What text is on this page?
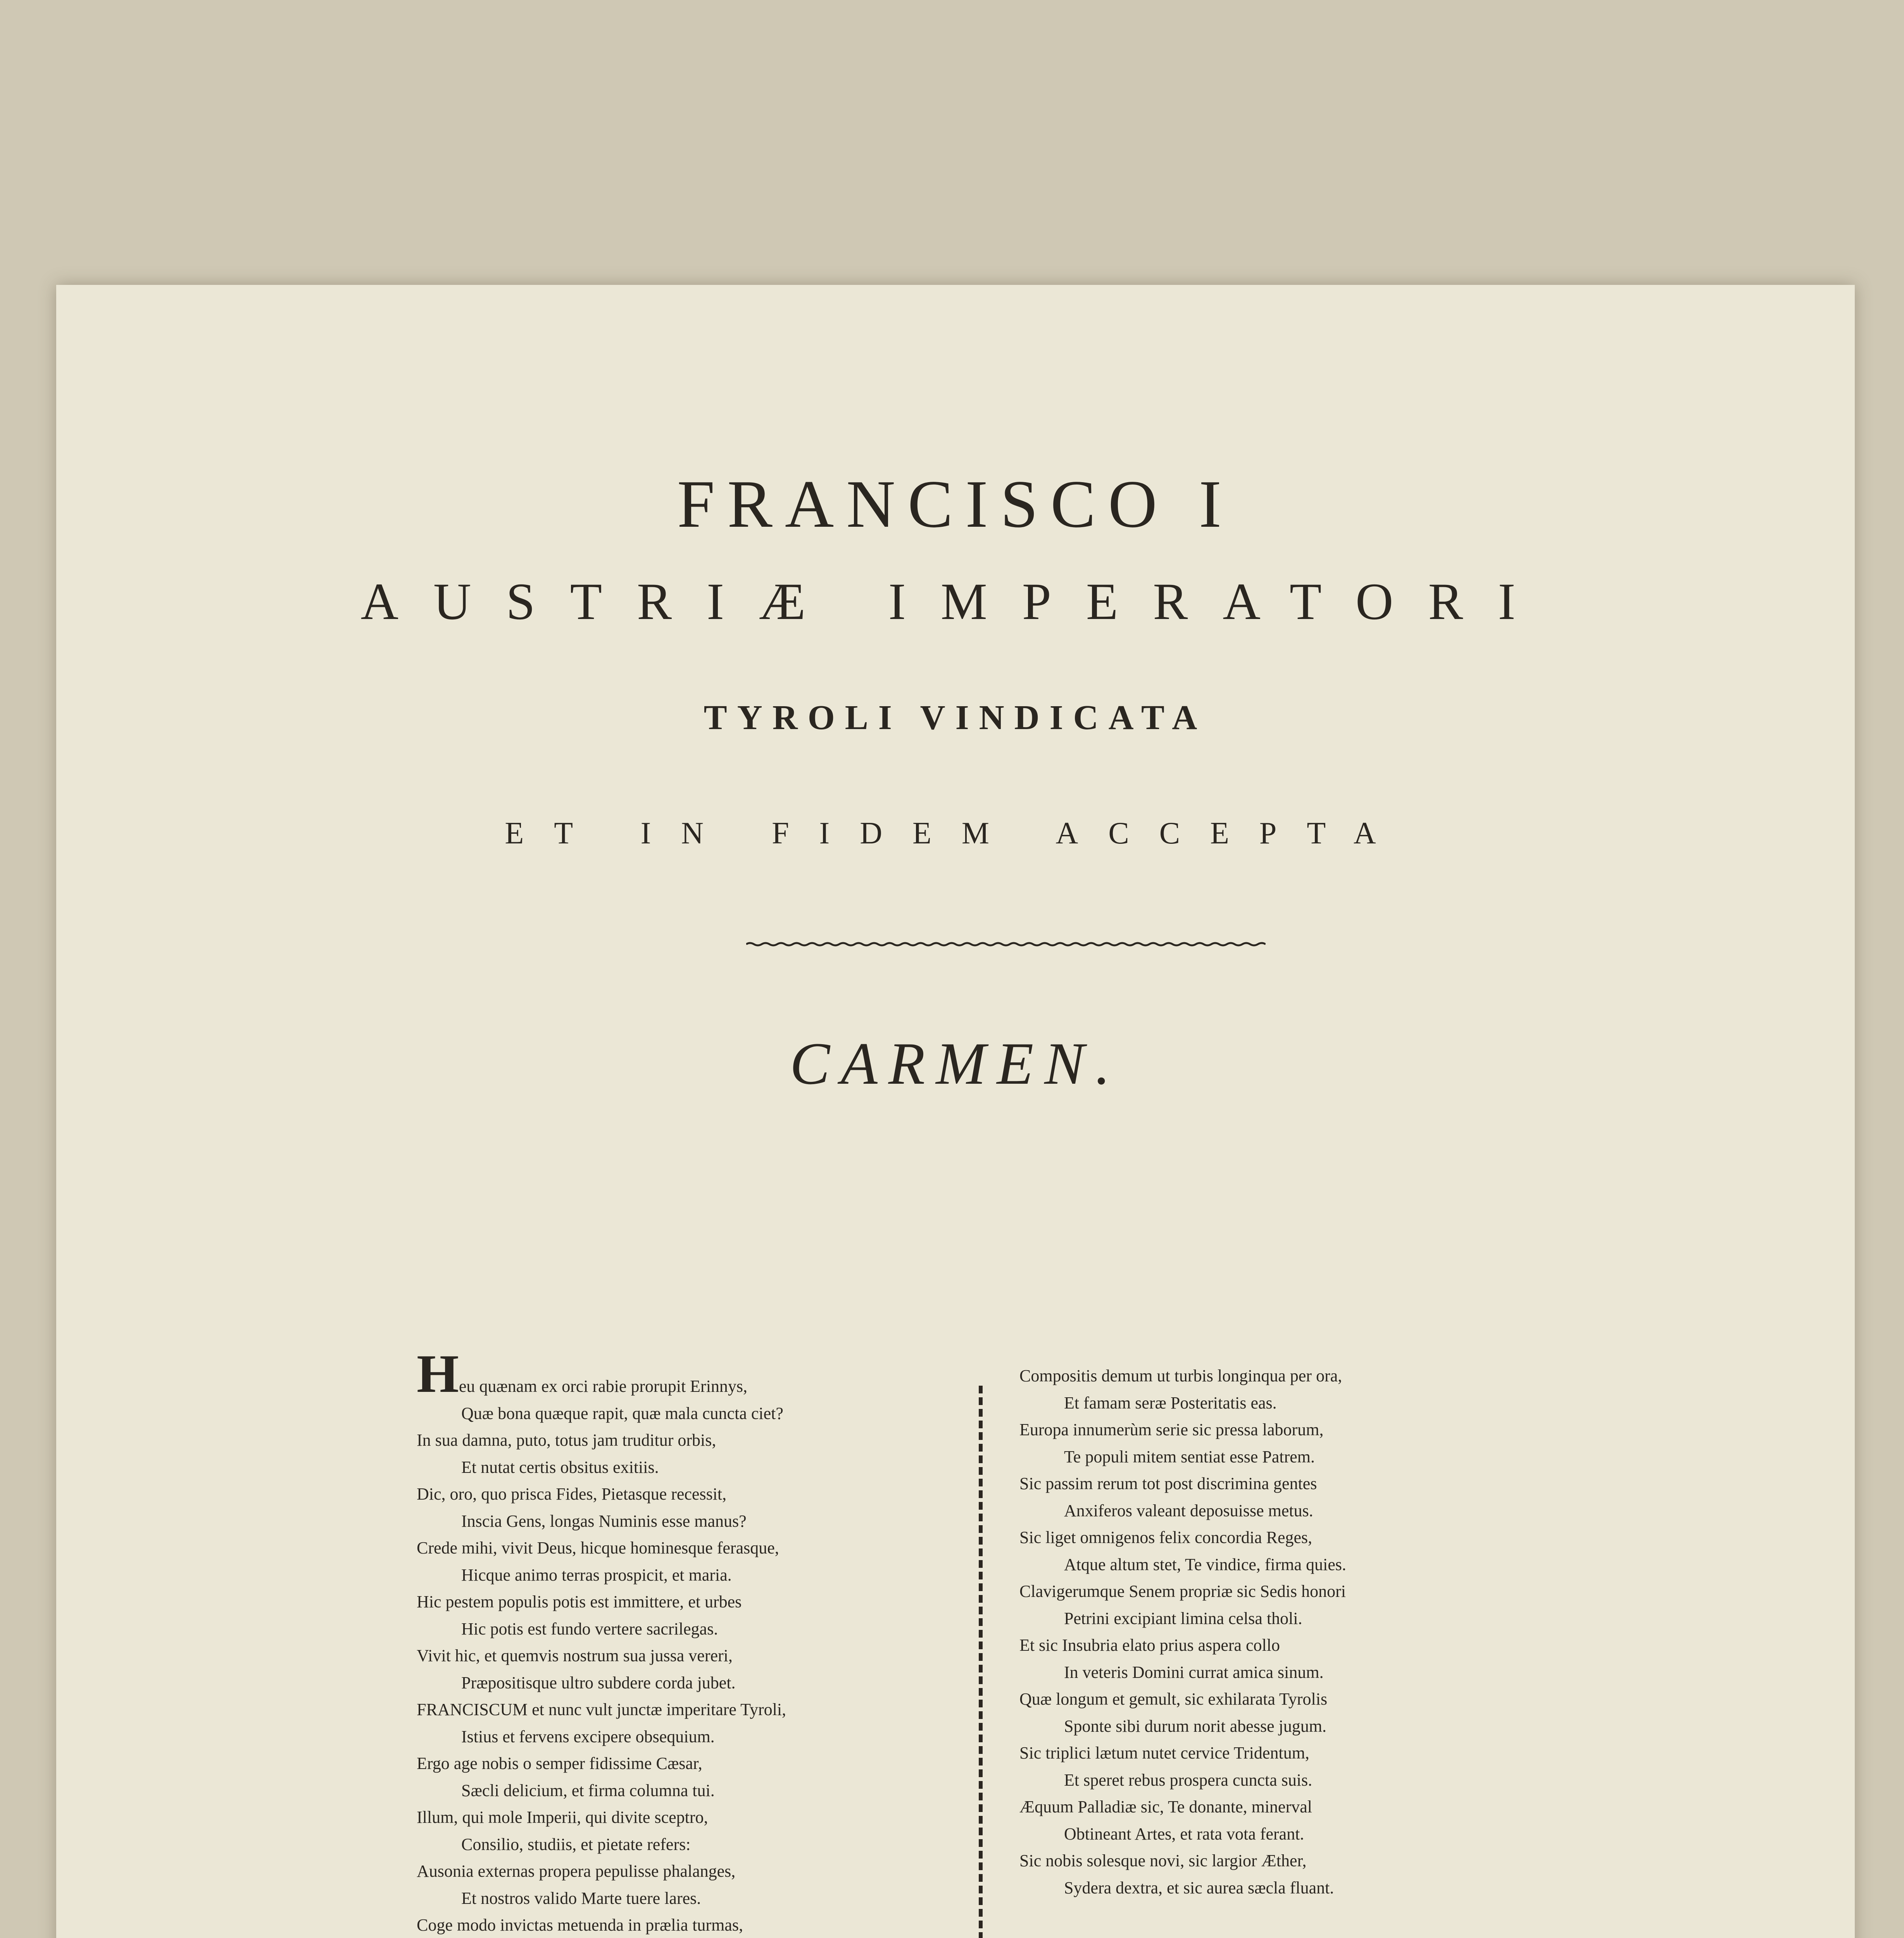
FRANCISCO I
AUSTRIÆ IMPERATORI
TYROLI VINDICATA
ET IN FIDEM ACCEPTA
CARMEN.
Heu quænam ex orci rabie prorupit Erinnys,
Quæ bona quæque rapit, quæ mala cuncta ciet?
In sua damna, puto, totus jam truditur orbis,
Et nutat certis obsitus exitiis.
Dic, oro, quo prisca Fides, Pietasque recessit,
Inscia Gens, longas Numinis esse manus?
Crede mihi, vivit Deus, hicque hominesque ferasque,
Hicque animo terras prospicit, et maria.
Hic pestem populis potis est immittere, et urbes
Hic potis est fundo vertere sacrilegas.
Vivit hic, et quemvis nostrum sua jussa vereri,
Præpositisque ultro subdere corda jubet.
FRANCISCUM et nunc vult junctæ imperitare Tyroli,
Istius et fervens excipere obsequium.
Ergo age nobis o semper fidissime Cæsar,
Sæcli delicium, et firma columna tui.
Illum, qui mole Imperii, qui divite sceptro,
Consilio, studiis, et pietate refers:
Ausonia externas propera pepulisse phalanges,
Et nostros valido Marte tuere lares.
Coge modo invictas metuenda in prælia turmas,
Compositis demum ut turbis longinqua per ora,
Et famam seræ Posteritatis eas.
Europa innumerùm serie sic pressa laborum,
Te populi mitem sentiat esse Patrem.
Sic passim rerum tot post discrimina gentes
Anxiferos valeant deposuisse metus.
Sic liget omnigenos felix concordia Reges,
Atque altum stet, Te vindice, firma quies.
Clavigerumque Senem propriæ sic Sedis honori
Petrini excipiant limina celsa tholi.
Et sic Insubria elato prius aspera collo
In veteris Domini currat amica sinum.
Quæ longum et gemult, sic exhilarata Tyrolis
Sponte sibi durum norit abesse jugum.
Sic triplici lætum nutet cervice Tridentum,
Et speret rebus prospera cuncta suis.
Æquum Palladiæ sic, Te donante, minerval
Obtineant Artes, et rata vota ferant.
Sic nobis solesque novi, sic largior Æther,
Sydera dextra, et sic aurea sæcla fluant.
